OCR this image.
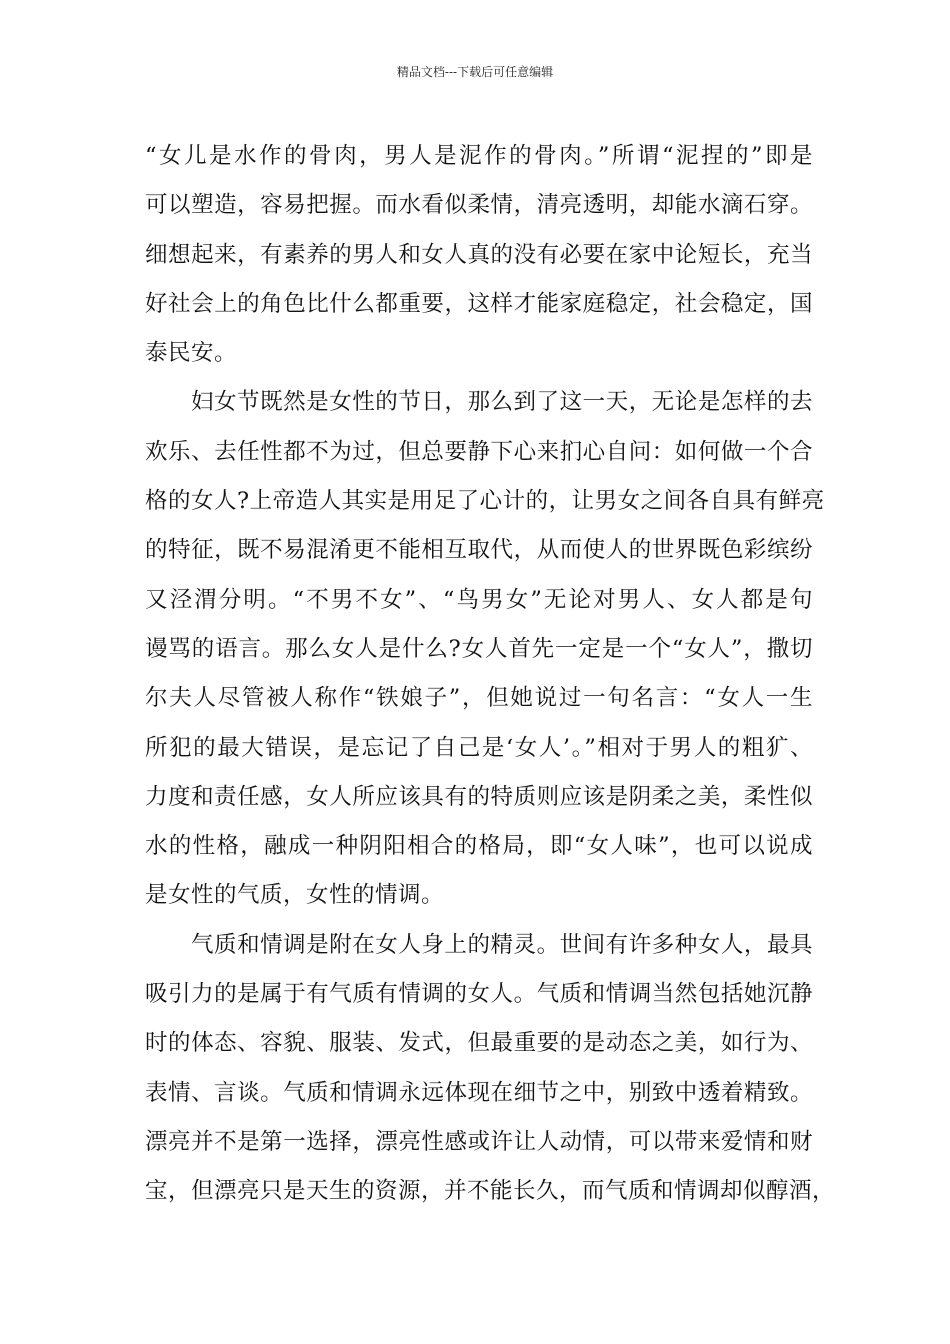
精品文档---下载后可任意编辑
“女儿是水作的骨肉，男人是泥作的骨肉。”所谓“泥捏的”即是
可以塑造，容易把握。而水看似柔情，清亮透明，却能水滴石穿。
细想起来，有素养的男人和女人真的没有必要在家中论短长，充当
好社会上的角色比什么都重要，这样才能家庭稳定，社会稳定，国
泰民安。
妇女节既然是女性的节日，那么到了这一天，无论是怎样的去
欢乐、去任性都不为过，但总要静下心来扪心自问：如何做一个合
格的女人?上帝造人其实是用足了心计的，让男女之间各自具有鲜亮
的特征，既不易混淆更不能相互取代，从而使人的世界既色彩缤纷
又泾渭分明。“不男不女”、“鸟男女”无论对男人、女人都是句
谩骂的语言。那么女人是什么?女人首先一定是一个“女人”，撒切
尔夫人尽管被人称作“铁娘子”，但她说过一句名言：“女人一生
所犯的最大错误，是忘记了自己是‘女人’。”相对于男人的粗犷、
力度和责任感，女人所应该具有的特质则应该是阴柔之美，柔性似
水的性格，融成一种阴阳相合的格局，即“女人味”，也可以说成
是女性的气质，女性的情调。
气质和情调是附在女人身上的精灵。世间有许多种女人，最具
吸引力的是属于有气质有情调的女人。气质和情调当然包括她沉静
时的体态、容貌、服装、发式，但最重要的是动态之美，如行为、
表情、言谈。气质和情调永远体现在细节之中，别致中透着精致。
漂亮并不是第一选择，漂亮性感或许让人动情，可以带来爱情和财
宝，但漂亮只是天生的资源，并不能长久，而气质和情调却似醇酒，
